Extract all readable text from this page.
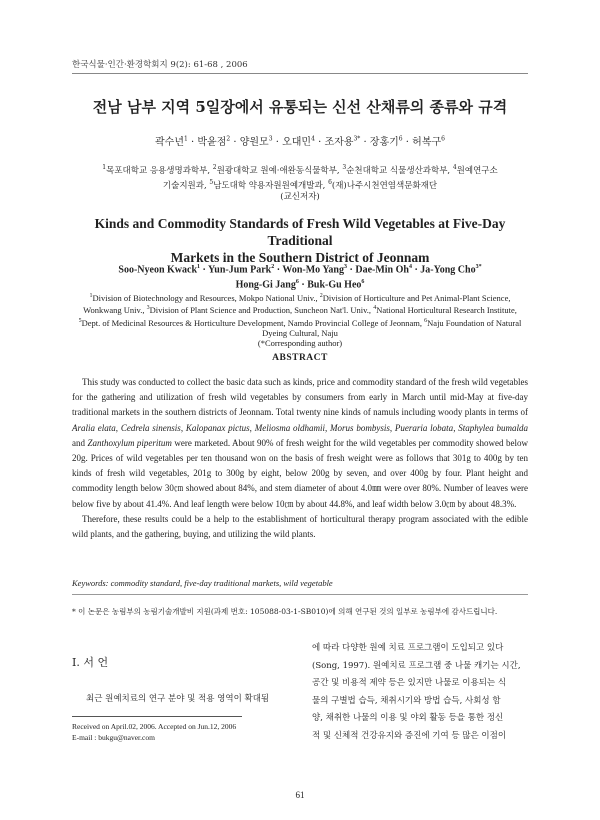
한국식물·인간·환경학회지 9(2): 61-68 , 2006
전남 남부 지역 5일장에서 유통되는 신선 산채류의 종류와 규격
곽수년$^1$ · 박윤점$^2$ · 양원모$^3$ · 오대민$^4$ · 조자용$^{3*}$ · 장홍기$^6$ · 허복구$^6$
$^1$목포대학교 응용생명과학부, $^2$원광대학교 원예·애완동식물학부, $^3$순천대학교 식물생산과학부, $^4$원예연구소
기술지원과, $^5$남도대학 약용자원원예개발과, $^6$(재)나주시천연염색문화재단
(교신저자)
Kinds and Commodity Standards of Fresh Wild Vegetables at Five-Day Traditional
Markets in the Southern District of Jeonnam
Soo-Nyeon Kwack$^1$ · Yun-Jum Park$^2$ · Won-Mo Yang$^3$ · Dae-Min $Oh^4$ · Ja-Yong Cho$^{3*}$
Hong-Gi Jang$^6$ · Buk-Gu Heo$^6$
$^1$Division of Biotechnology and Resources, Mokpo National Univ., $^2$Division of Horticulture and Pet Animal-Plant Science, Wonkwang Univ., $^3$Division of Plant Science and Production, Suncheon Nat'l. Univ., $^4$National Horticultural Research Institute, $^5$Dept. of Medicinal Resources & Horticulture Development, Namdo Provincial College of Jeonnam, $^6$Naju Foundation of Natural Dyeing Cultural, Naju
(*Corresponding author)
ABSTRACT

This study was conducted to collect the basic data such as kinds, price and commodity standard of the fresh wild vegetables for the gathering and utilization of fresh wild vegetables by consumers from early in March until mid-May at five-day traditional markets in the southern districts of Jeonnam. Total twenty nine kinds of namuls including woody plants in terms of Aralia elata, Cedrela sinensis, Kalopanax pictus, Meliosma oldhamii, Morus bombysis, Pueraria lobata, Staphylea bumalda and Zanthoxylum piperitum were marketed. About 90% of fresh weight for the wild vegetables per commodity showed below 20g. Prices of wild vegetables per ten thousand won on the basis of fresh weight were as follows that 301g to 400g by ten kinds of fresh wild vegetables, 201g to 300g by eight, below 200g by seven, and over 400g by four. Plant height and commodity length below 30㎝ showed about 84%, and stem diameter of about 4.0㎜ were over 80%. Number of leaves were below five by about 41.4%. And leaf length were below 10㎝ by about 44.8%, and leaf width below 3.0㎝ by about 48.3%.

Therefore, these results could be a help to the establishment of horticultural therapy program associated with the edible wild plants, and the gathering, buying, and utilizing the wild plants.

Keywords: commodity standard, five-day traditional markets, wild vegetable
* 이 논문은 농림부의 농림기술개발비 지원(과제 번호: 105088-03-1-SB010)에 의해 연구된 것의 일부로 농림부에 감사드립니다.
Ⅰ. 서 언
최근 원예치료의 연구 분야 및 적용 영역이 확대됨
Received on April.02, 2006. Accepted on Jun.12, 2006
E-mail : bukgu@naver.com
에 따라 다양한 원예 치료 프로그램이 도입되고 있다
(Song, 1997). 원예치료 프로그램 중 나물 캐기는 시간,
공간 및 비용적 제약 등은 있지만 나물로 이용되는 식
물의 구별법 습득, 채취시기와 방법 습득, 사회성 함
양, 채취한 나물의 이용 및 야외 활동 등을 통한 정신
적 및 신체적 건강유지와 증진에 기여 등 많은 이점이
61
